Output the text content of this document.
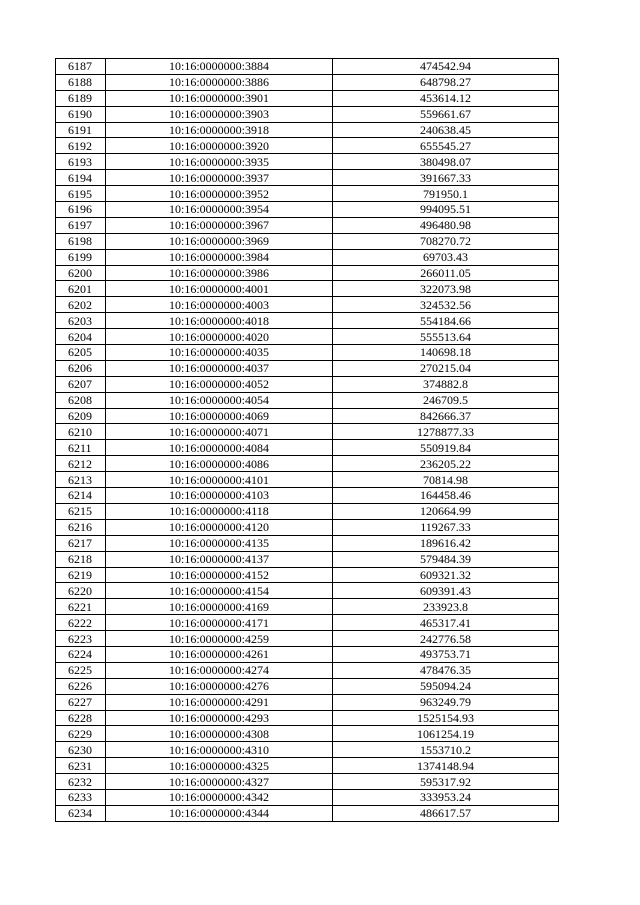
6187	10:16:0000000:3884	474542.94
6188	10:16:0000000:3886	648798.27
6189	10:16:0000000:3901	453614.12
6190	10:16:0000000:3903	559661.67
6191	10:16:0000000:3918	240638.45
6192	10:16:0000000:3920	655545.27
6193	10:16:0000000:3935	380498.07
6194	10:16:0000000:3937	391667.33
6195	10:16:0000000:3952	791950.1
6196	10:16:0000000:3954	994095.51
6197	10:16:0000000:3967	496480.98
6198	10:16:0000000:3969	708270.72
6199	10:16:0000000:3984	69703.43
6200	10:16:0000000:3986	266011.05
6201	10:16:0000000:4001	322073.98
6202	10:16:0000000:4003	324532.56
6203	10:16:0000000:4018	554184.66
6204	10:16:0000000:4020	555513.64
6205	10:16:0000000:4035	140698.18
6206	10:16:0000000:4037	270215.04
6207	10:16:0000000:4052	374882.8
6208	10:16:0000000:4054	246709.5
6209	10:16:0000000:4069	842666.37
6210	10:16:0000000:4071	1278877.33
6211	10:16:0000000:4084	550919.84
6212	10:16:0000000:4086	236205.22
6213	10:16:0000000:4101	70814.98
6214	10:16:0000000:4103	164458.46
6215	10:16:0000000:4118	120664.99
6216	10:16:0000000:4120	119267.33
6217	10:16:0000000:4135	189616.42
6218	10:16:0000000:4137	579484.39
6219	10:16:0000000:4152	609321.32
6220	10:16:0000000:4154	609391.43
6221	10:16:0000000:4169	233923.8
6222	10:16:0000000:4171	465317.41
6223	10:16:0000000:4259	242776.58
6224	10:16:0000000:4261	493753.71
6225	10:16:0000000:4274	478476.35
6226	10:16:0000000:4276	595094.24
6227	10:16:0000000:4291	963249.79
6228	10:16:0000000:4293	1525154.93
6229	10:16:0000000:4308	1061254.19
6230	10:16:0000000:4310	1553710.2
6231	10:16:0000000:4325	1374148.94
6232	10:16:0000000:4327	595317.92
6233	10:16:0000000:4342	333953.24
6234	10:16:0000000:4344	486617.57
